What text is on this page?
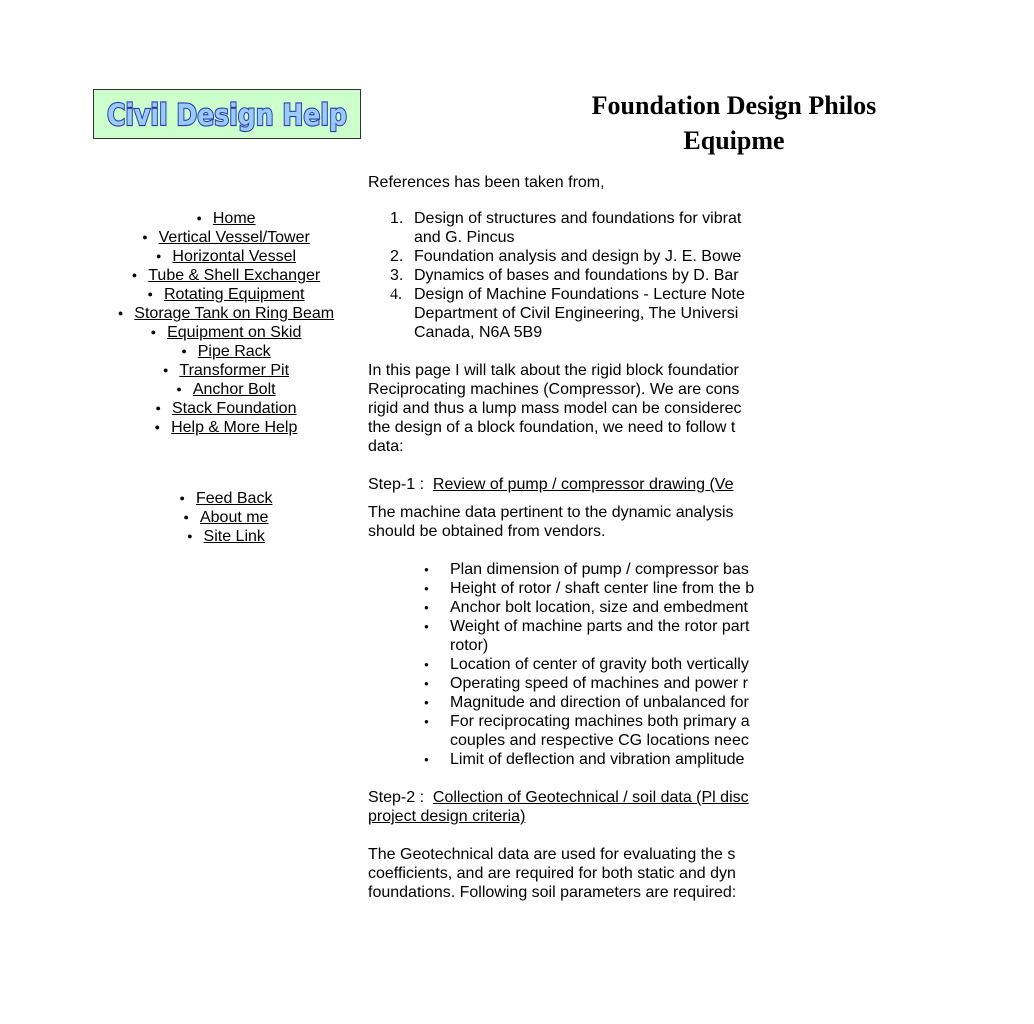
Civil Design Help	Foundation Design Philos
Equipme
● Home
● Vertical Vessel/Tower
● Horizontal Vessel
● Tube & Shell Exchanger
● Rotating Equipment
● Storage Tank on Ring Beam
● Equipment on Skid
● Pipe Rack
● Transformer Pit
● Anchor Bolt
● Stack Foundation
● Help & More Help
● Feed Back
● About me
● Site Link

References has been taken from,

1. Design of structures and foundations for vibrat
and G. Pincus
2. Foundation analysis and design by J. E. Bowe
3. Dynamics of bases and foundations by D. Bar
4. Design of Machine Foundations - Lecture Note
Department of Civil Engineering, The Universi
Canada, N6A 5B9
In this page I will talk about the rigid block foundatior
Reciprocating machines (Compressor). We are cons
rigid and thus a lump mass model can be considerec
the design of a block foundation, we need to follow t
data:

Step-1 :  Review of pump / compressor drawing (Ve

The machine data pertinent to the dynamic analysis
should be obtained from vendors.
● Plan dimension of pump / compressor bas
● Height of rotor / shaft center line from the b
● Anchor bolt location, size and embedment
● Weight of machine parts and the rotor part
rotor)
● Location of center of gravity both vertically
● Operating speed of machines and power r
● Magnitude and direction of unbalanced for
● For reciprocating machines both primary a
couples and respective CG locations neec
● Limit of deflection and vibration amplitude
Step-2 :  Collection of Geotechnical / soil data (Pl disc
project design criteria)
The Geotechnical data are used for evaluating the s
coefficients, and are required for both static and dyn
foundations. Following soil parameters are required:
